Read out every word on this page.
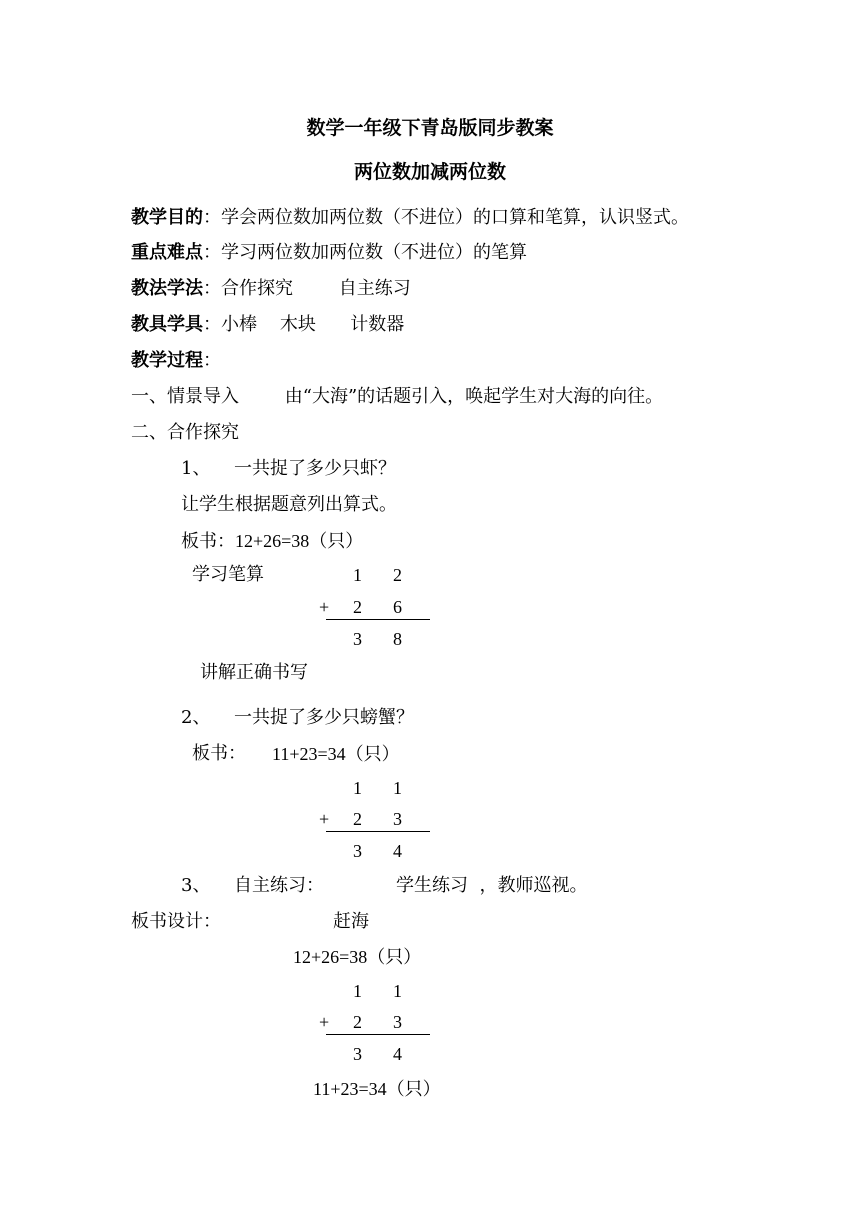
数学一年级下青岛版同步教案
两位数加减两位数
教学目的：学会两位数加两位数（不进位）的口算和笔算，认识竖式。
重点难点：学习两位数加两位数（不进位）的笔算
教法学法：合作探究        自主练习
教具学具：小棒    木块      计数器
教学过程：
一、情景导入        由“大海”的话题引入，唤起学生对大海的向往。
二、合作探究
1、 一共捉了多少只虾？
让学生根据题意列出算式。
板书：12+26=38（只）
学习笔算	1 2
+ 2 6
3 8
讲解正确书写
2、 一共捉了多少只螃蟹？
板书： 11+23=34（只）
1 1
+ 2 3
3 4
3、 自主练习：	学生练习  ，教师巡视。
板书设计：	赶海
12+26=38（只）
1 1
+ 2 3
3 4
11+23=34（只）
